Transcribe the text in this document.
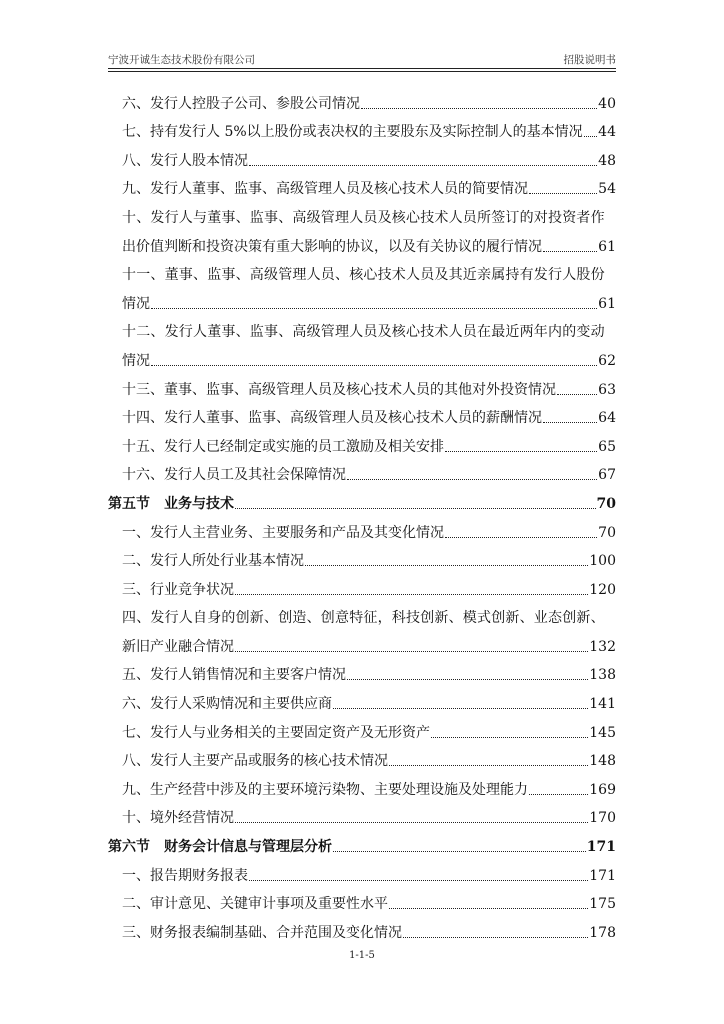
宁波开诚生态技术股份有限公司	招股说明书
六、发行人控股子公司、参股公司情况	40
七、持有发行人 5%以上股份或表决权的主要股东及实际控制人的基本情况 44
八、发行人股本情况	48
九、发行人董事、监事、高级管理人员及核心技术人员的简要情况	54
十、发行人与董事、监事、高级管理人员及核心技术人员所签订的对投资者作
出价值判断和投资决策有重大影响的协议，以及有关协议的履行情况	61
十一、董事、监事、高级管理人员、核心技术人员及其近亲属持有发行人股份
情况	61
十二、发行人董事、监事、高级管理人员及核心技术人员在最近两年内的变动
情况	62
十三、董事、监事、高级管理人员及核心技术人员的其他对外投资情况	63
十四、发行人董事、监事、高级管理人员及核心技术人员的薪酬情况	64
十五、发行人已经制定或实施的员工激励及相关安排	65
十六、发行人员工及其社会保障情况	67
第五节 业务与技术	70
一、发行人主营业务、主要服务和产品及其变化情况	70
二、发行人所处行业基本情况	100
三、行业竞争状况	120
四、发行人自身的创新、创造、创意特征，科技创新、模式创新、业态创新、
新旧产业融合情况	132
五、发行人销售情况和主要客户情况	138
六、发行人采购情况和主要供应商	141
七、发行人与业务相关的主要固定资产及无形资产	145
八、发行人主要产品或服务的核心技术情况	148
九、生产经营中涉及的主要环境污染物、主要处理设施及处理能力	169
十、境外经营情况	170
第六节 财务会计信息与管理层分析	171
一、报告期财务报表	171
二、审计意见、关键审计事项及重要性水平	175
三、财务报表编制基础、合并范围及变化情况	178
1-1-5
